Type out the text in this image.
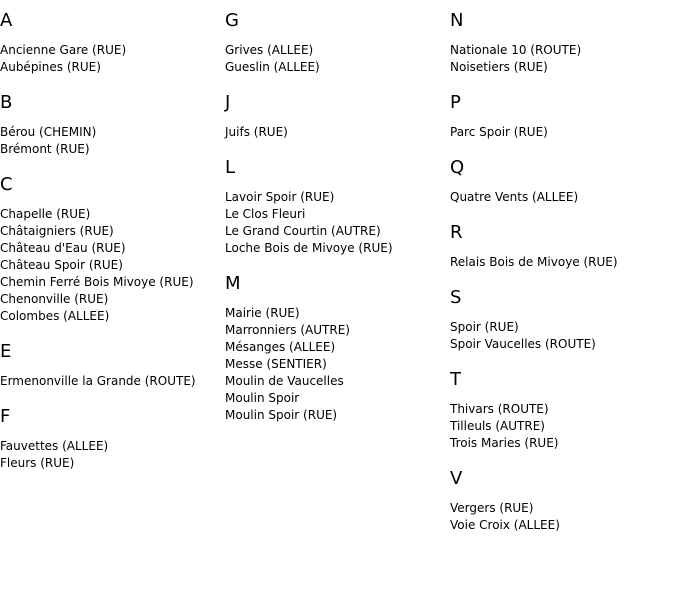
A
Ancienne Gare (RUE)
Aubépines (RUE)
B
Bérou (CHEMIN)
Brémont (RUE)
C
Chapelle (RUE)
Châtaigniers (RUE)
Château d'Eau (RUE)
Château Spoir (RUE)
Chemin Ferré Bois Mivoye (RUE)
Chenonville (RUE)
Colombes (ALLEE)
E
Ermenonville la Grande (ROUTE)
F
Fauvettes (ALLEE)
Fleurs (RUE)
G
Grives (ALLEE)
Gueslin (ALLEE)
J
Juifs (RUE)
L
Lavoir Spoir (RUE)
Le Clos Fleuri
Le Grand Courtin (AUTRE)
Loche Bois de Mivoye (RUE)
M
Mairie (RUE)
Marronniers (AUTRE)
Mésanges (ALLEE)
Messe (SENTIER)
Moulin de Vaucelles
Moulin Spoir
Moulin Spoir (RUE)
N
Nationale 10 (ROUTE)
Noisetiers (RUE)
P
Parc Spoir (RUE)
Q
Quatre Vents (ALLEE)
R
Relais Bois de Mivoye (RUE)
S
Spoir (RUE)
Spoir Vaucelles (ROUTE)
T
Thivars (ROUTE)
Tilleuls (AUTRE)
Trois Maries (RUE)
V
Vergers (RUE)
Voie Croix (ALLEE)
